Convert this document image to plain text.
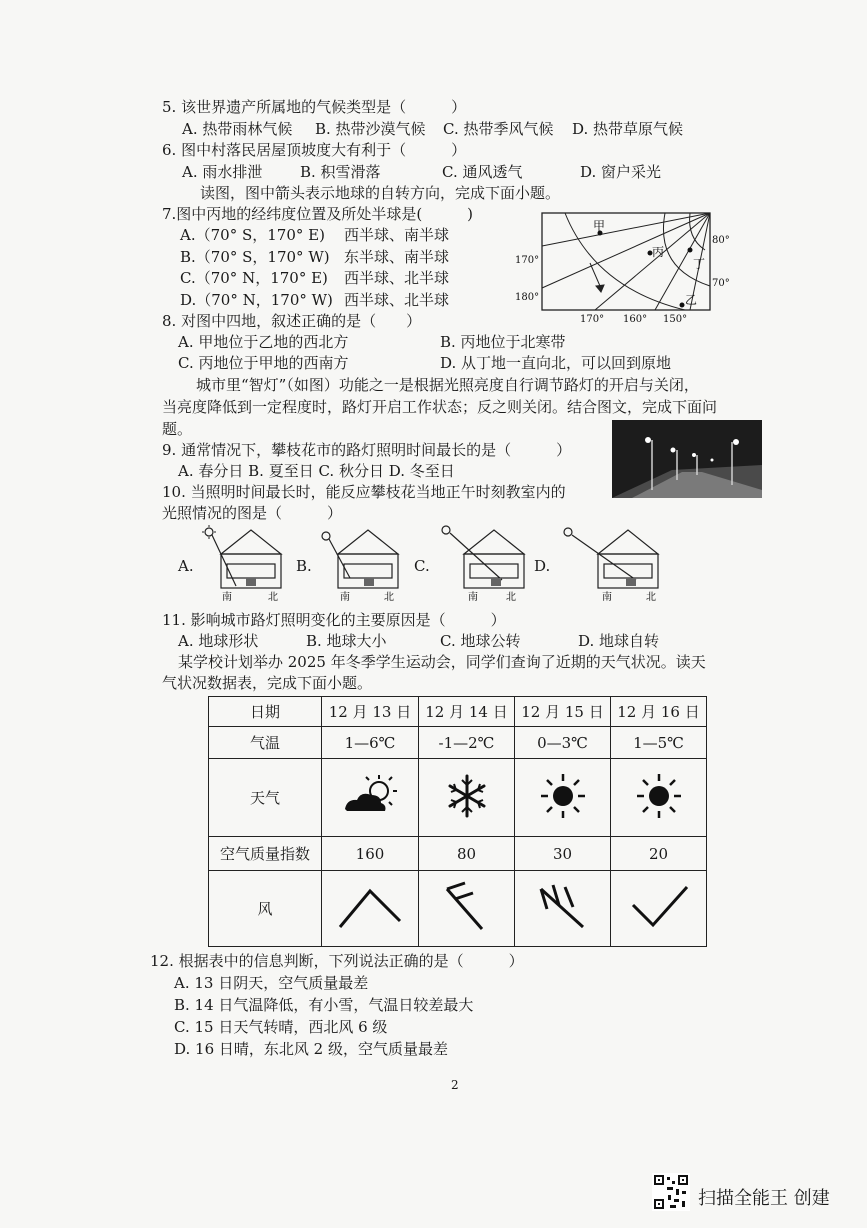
5. 该世界遗产所属地的气候类型是（　　　）
A. 热带雨林气候 B. 热带沙漠气候 C. 热带季风气候 D. 热带草原气候
6. 图中村落民居屋顶坡度大有利于（　　　）
A. 雨水排泄	B. 积雪滑落	C. 通风透气	D. 窗户采光
读图，图中箭头表示地球的自转方向，完成下面小题。
7.图中丙地的经纬度位置及所处半球是(　　　)
A.（70° S，170° E) 西半球、南半球
B.（70° S，170° W) 东半球、南半球
C.（70° N，170° E) 西半球、北半球
D.（70° N，170° W) 西半球、北半球
甲
丙
丁
乙
170°
180°
80°
70°
170° 160° 150°
8. 对图中四地，叙述正确的是（　　）
A. 甲地位于乙地的西北方	B. 丙地位于北寒带
C. 丙地位于甲地的西南方	D. 从丁地一直向北，可以回到原地
城市里“智灯”（如图）功能之一是根据光照亮度自行调节路灯的开启与关闭，
当亮度降低到一定程度时，路灯开启工作状态；反之则关闭。结合图文，完成下面问
题。
9. 通常情况下，攀枝花市的路灯照明时间最长的是（　　　）
A. 春分日 B. 夏至日 C. 秋分日 D. 冬至日
10. 当照明时间最长时，能反应攀枝花当地正午时刻教室内的
光照情况的图是（　　　）
A.	B.	C.	D.
南	北	南	北	南	北	南	北
11. 影响城市路灯照明变化的主要原因是（　　　）
A. 地球形状	B. 地球大小	C. 地球公转	D. 地球自转
某学校计划举办 2025 年冬季学生运动会，同学们查询了近期的天气状况。读天
气状况数据表，完成下面小题。
日期	12 月 13 日	12 月 14 日	12 月 15 日	12 月 16 日
气温	1—6℃	-1—2℃	0—3℃	1—5℃
天气				
空气质量指数	160	80	30	20
风				
12. 根据表中的信息判断，下列说法正确的是（　　　）
A. 13 日阴天，空气质量最差
B. 14 日气温降低，有小雪，气温日较差最大
C. 15 日天气转晴，西北风 6 级
D. 16 日晴，东北风 2 级，空气质量最差
2
扫描全能王 创建
